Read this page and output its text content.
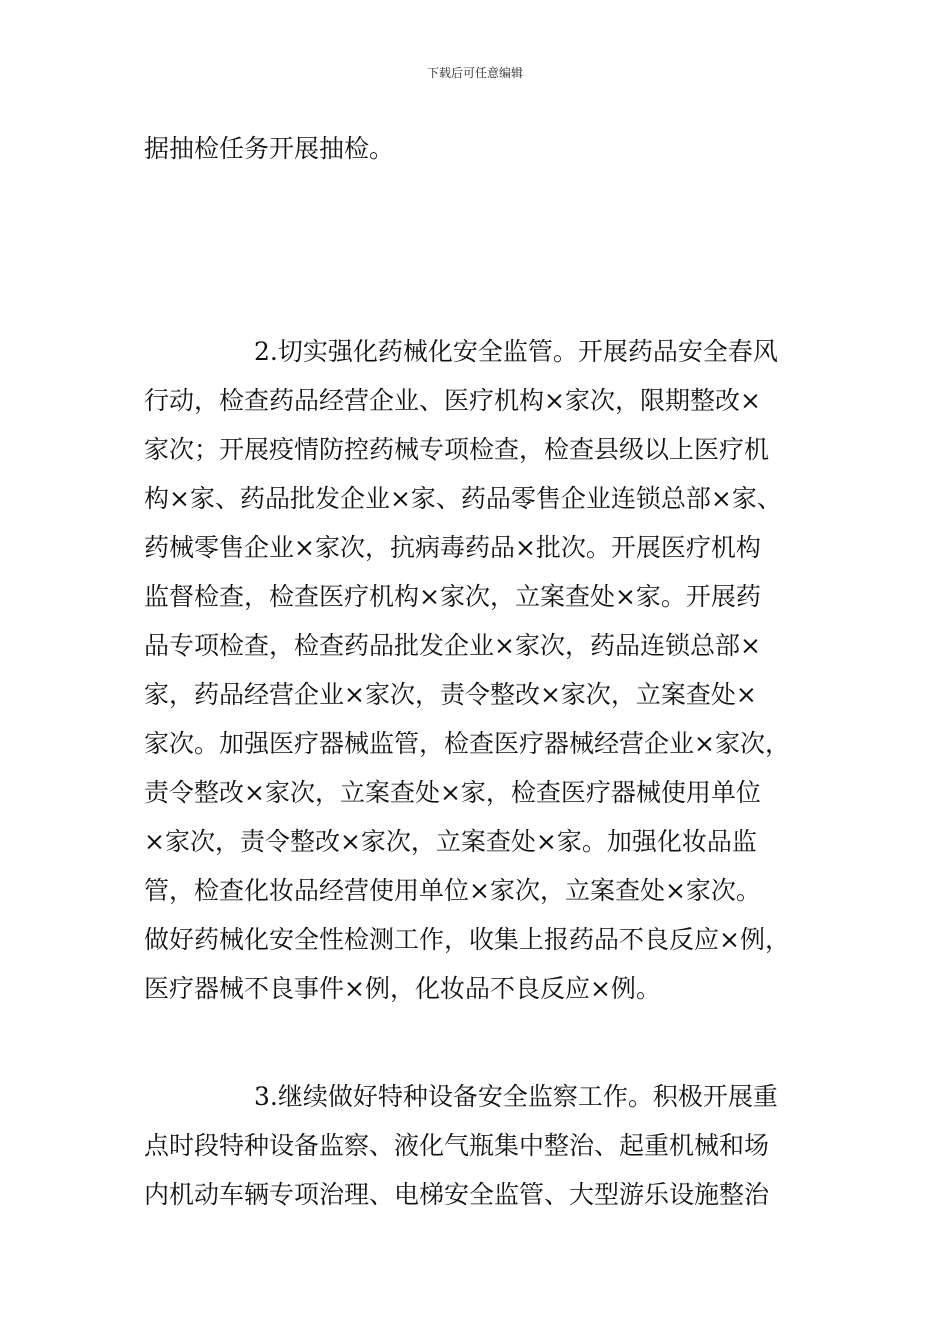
下载后可任意编辑
据抽检任务开展抽检。
2.切实强化药械化安全监管。开展药品安全春风
行动，检查药品经营企业、医疗机构×家次，限期整改×
家次；开展疫情防控药械专项检查，检查县级以上医疗机
构×家、药品批发企业×家、药品零售企业连锁总部×家、
药械零售企业×家次，抗病毒药品×批次。开展医疗机构
监督检查，检查医疗机构×家次，立案查处×家。开展药
品专项检查，检查药品批发企业×家次，药品连锁总部×
家，药品经营企业×家次，责令整改×家次，立案查处×
家次。加强医疗器械监管，检查医疗器械经营企业×家次，
责令整改×家次，立案查处×家，检查医疗器械使用单位
×家次，责令整改×家次，立案查处×家。加强化妆品监
管，检查化妆品经营使用单位×家次，立案查处×家次。
做好药械化安全性检测工作，收集上报药品不良反应×例，
医疗器械不良事件×例，化妆品不良反应×例。
3.继续做好特种设备安全监察工作。积极开展重
点时段特种设备监察、液化气瓶集中整治、起重机械和场
内机动车辆专项治理、电梯安全监管、大型游乐设施整治
